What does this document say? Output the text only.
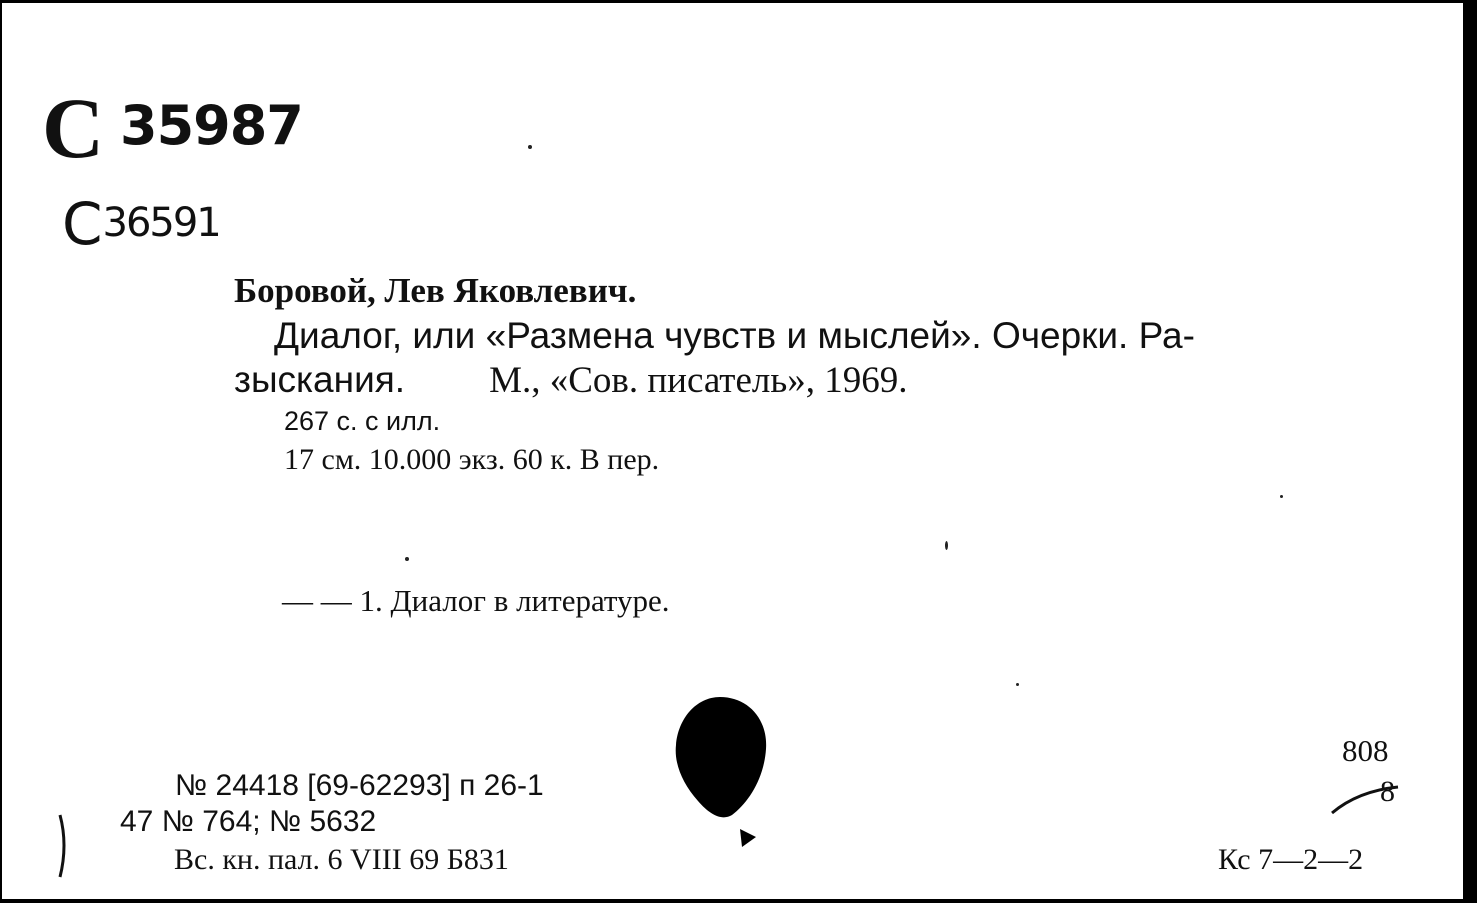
С 35987
С36591
Боровой, Лев Яковлевич.
Диалог, или «Размена чувств и мыслей». Очерки. Ра-
зыскания. М., «Сов. писатель», 1969.
267 с. с илл.
17 см. 10.000 экз. 60 к. В пер.
— — 1. Диалог в литературе.
№ 24418 [69-62293] п 26-1
47 № 764; № 5632
Вс. кн. пал. 6 VIII 69 Б831
808
8
Кс 7—2—2
